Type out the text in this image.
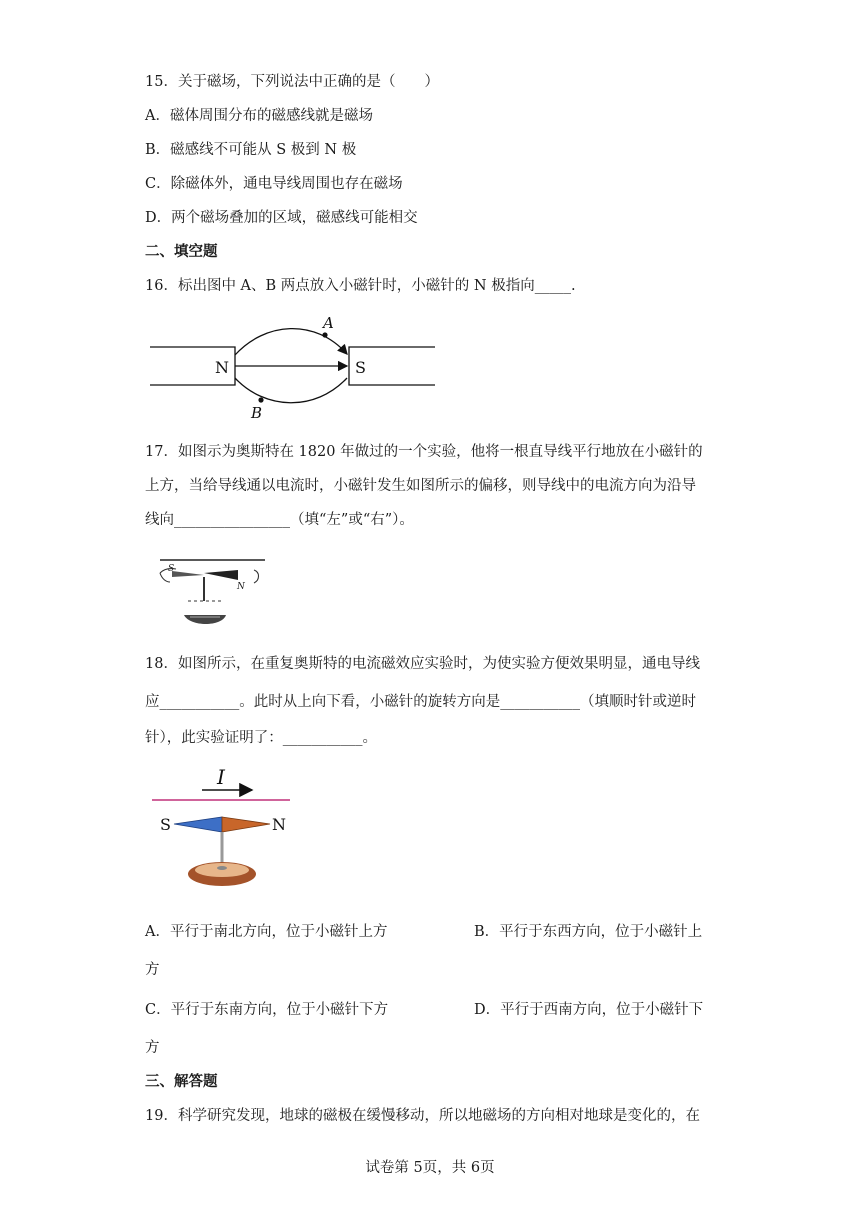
15．关于磁场，下列说法中正确的是（　　）
A．磁体周围分布的磁感线就是磁场
B．磁感线不可能从 S 极到 N 极
C．除磁体外，通电导线周围也存在磁场
D．两个磁场叠加的区域，磁感线可能相交
二、填空题
16．标出图中 A、B 两点放入小磁针时，小磁针的 N 极指向_____.
N	S
A
B
17．如图示为奥斯特在 1820 年做过的一个实验，他将一根直导线平行地放在小磁针的
上方，当给导线通以电流时，小磁针发生如图所示的偏移，则导线中的电流方向为沿导
线向________________（填“左”或“右”）。
S
N
18．如图所示，在重复奥斯特的电流磁效应实验时，为使实验方便效果明显，通电导线
应___________。此时从上向下看，小磁针的旋转方向是___________（填顺时针或逆时
针），此实验证明了：___________。
I
S	N
A．平行于南北方向，位于小磁针上方	B．平行于东西方向，位于小磁针上
方
C．平行于东南方向，位于小磁针下方	D．平行于西南方向，位于小磁针下
方
三、解答题
19．科学研究发现，地球的磁极在缓慢移动，所以地磁场的方向相对地球是变化的，在
试卷第 5页，共 6页
